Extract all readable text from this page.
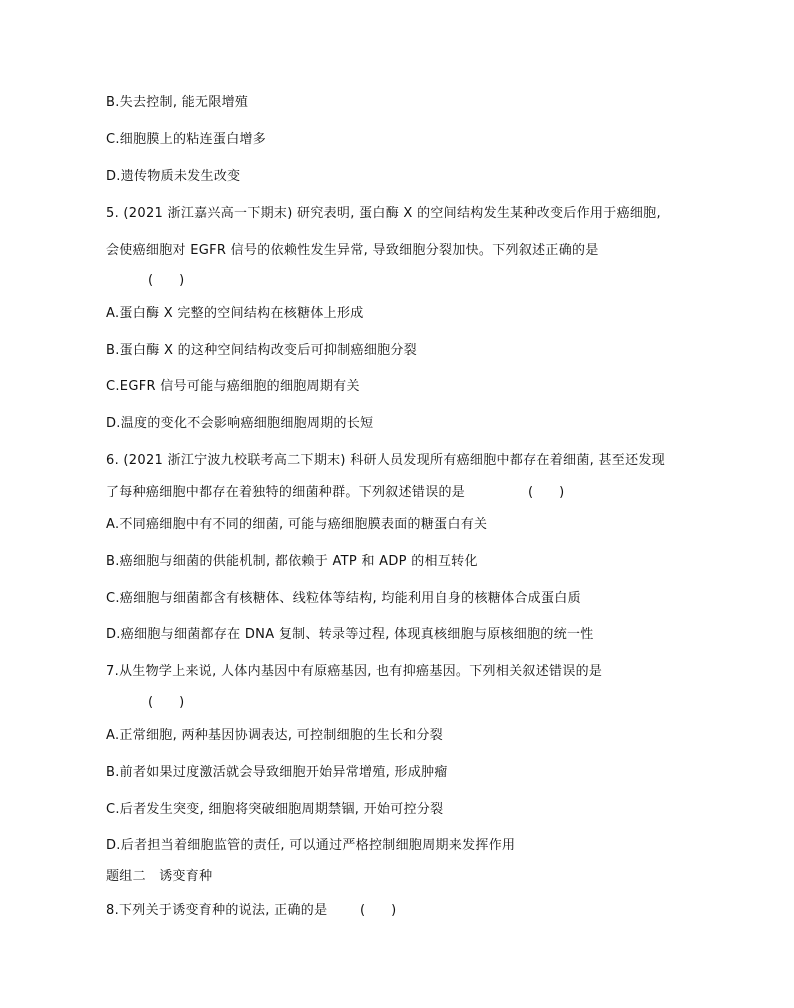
B.失去控制, 能无限增殖
C.细胞膜上的粘连蛋白增多
D.遗传物质未发生改变
5. (2021 浙江嘉兴高一下期末) 研究表明, 蛋白酶 X 的空间结构发生某种改变后作用于癌细胞,
会使癌细胞对 EGFR 信号的依赖性发生异常, 导致细胞分裂加快。下列叙述正确的是
(　　)
A.蛋白酶 X 完整的空间结构在核糖体上形成
B.蛋白酶 X 的这种空间结构改变后可抑制癌细胞分裂
C.EGFR 信号可能与癌细胞的细胞周期有关
D.温度的变化不会影响癌细胞细胞周期的长短
6. (2021 浙江宁波九校联考高二下期末) 科研人员发现所有癌细胞中都存在着细菌, 甚至还发现
了每种癌细胞中都存在着独特的细菌种群。下列叙述错误的是	(　　)
A.不同癌细胞中有不同的细菌, 可能与癌细胞膜表面的糖蛋白有关
B.癌细胞与细菌的供能机制, 都依赖于 ATP 和 ADP 的相互转化
C.癌细胞与细菌都含有核糖体、线粒体等结构, 均能利用自身的核糖体合成蛋白质
D.癌细胞与细菌都存在 DNA 复制、转录等过程, 体现真核细胞与原核细胞的统一性
7.从生物学上来说, 人体内基因中有原癌基因, 也有抑癌基因。下列相关叙述错误的是
(　　)
A.正常细胞, 两种基因协调表达, 可控制细胞的生长和分裂
B.前者如果过度激活就会导致细胞开始异常增殖, 形成肿瘤
C.后者发生突变, 细胞将突破细胞周期禁锢, 开始可控分裂
D.后者担当着细胞监管的责任, 可以通过严格控制细胞周期来发挥作用
题组二　诱变育种
8.下列关于诱变育种的说法, 正确的是	(　　)
